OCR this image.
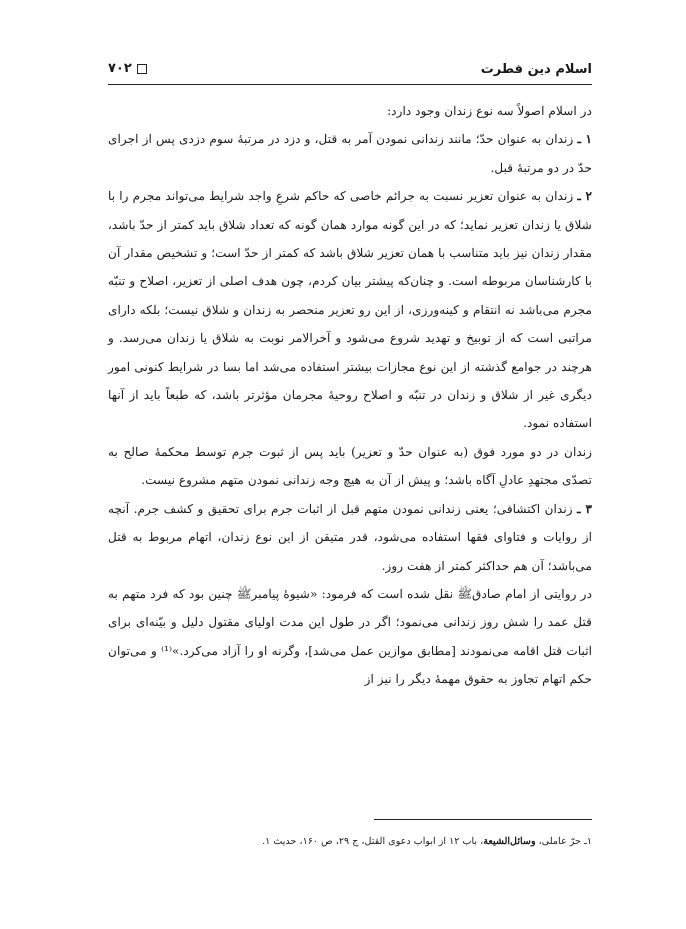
اسلام دین فطرت
۷۰۲

در اسلام اصولاً سه نوع زندان وجود دارد:

۱ ـ زندان به عنوان حدّ؛ مانند زندانی نمودن آمر به قتل، و دزد در مرتبهٔ سوم دزدی پس از اجرای حدّ در دو مرتبهٔ قبل.

۲ ـ زندان به عنوان تعزیر نسبت به جرائم خاصی که حاکم شرعِ واجد شرایط می‌تواند مجرم را با شلاق یا زندان تعزیر نماید؛ که در این گونه موارد همان گونه که تعداد شلاق باید کمتر از حدّ باشد، مقدار زندان نیز باید متناسب با همان تعزیر شلاق باشد که کمتر از حدّ است؛ و تشخیص مقدار آن با کارشناسان مربوطه است. و چنان‌که پیشتر بیان کردم، چون هدف اصلی از تعزیر، اصلاح و تنبّه مجرم می‌باشد نه انتقام و کینه‌ورزی، از این رو تعزیر منحصر به زندان و شلاق نیست؛ بلکه دارای مراتبی است که از توبیخ و تهدید شروع می‌شود و آخرالامر نوبت به شلاق یا زندان می‌رسد. و هرچند در جوامع گذشته از این نوع مجازات بیشتر استفاده می‌شد اما بسا در شرایط کنونی امور دیگری غیر از شلاق و زندان در تنبّه و اصلاح روحیهٔ مجرمان مؤثرتر باشد، که طبعاً باید از آنها استفاده نمود.

زندان در دو مورد فوق (به عنوان حدّ و تعزیر) باید پس از ثبوت جرم توسط محکمهٔ صالح به تصدّی مجتهدِ عادلِ آگاه باشد؛ و پیش از آن به هیچ وجه زندانی نمودن متهم مشروع نیست.

۳ ـ زندان اکتشافی؛ یعنی زندانی نمودن متهم قبل از اثبات جرم برای تحقیق و کشف جرم. آنچه از روایات و فتاوای فقها استفاده می‌شود، قدر متیقن از این نوع زندان، اتهام مربوط به قتل می‌باشد؛ آن هم حداکثر کمتر از هفت روز.

در روایتی از امام صادقﷺ نقل شده است که فرمود: «شیوهٔ پیامبرﷺ چنین بود که فرد متهم به قتل عمد را شش روز زندانی می‌نمود؛ اگر در طول این مدت اولیای مقتول دلیل و بیّنه‌ای برای اثبات قتل اقامه می‌نمودند [مطابق موازین عمل می‌شد]، وگرنه او را آزاد می‌کرد.»⁽¹⁾ و می‌توان حکم اتهام تجاوز به حقوق مهمهٔ دیگر را نیز از

۱ـ حرّ عاملی، وسائل‌الشیعة، باب ۱۲ از ابواب دعوی القتل، ج ۲۹، ص ۱۶۰، حدیث ۱.
